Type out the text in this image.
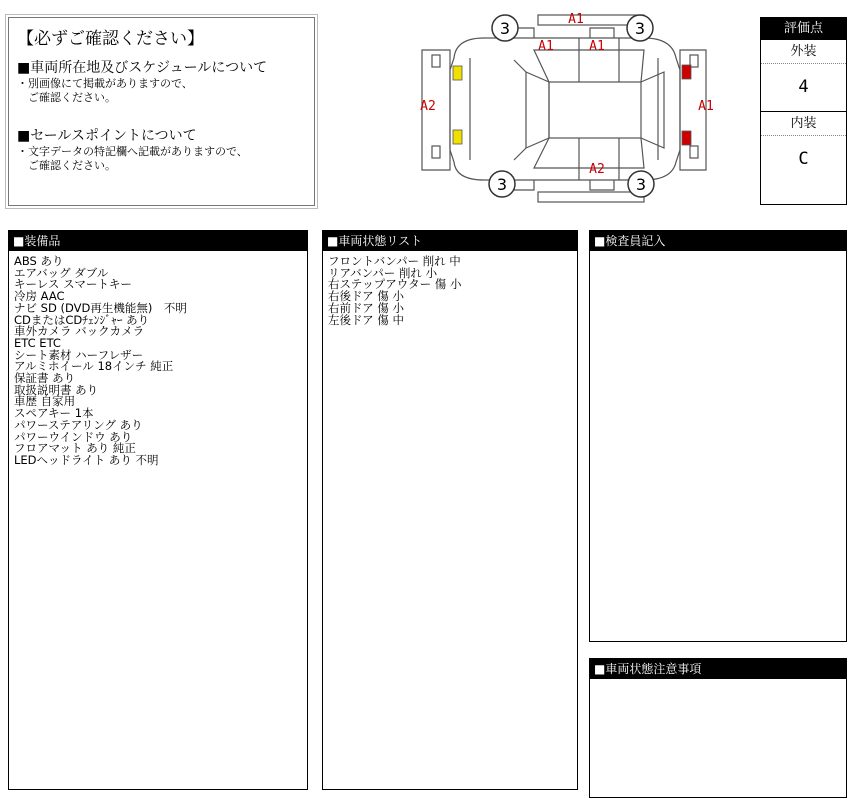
【必ずご確認ください】
■車両所在地及びスケジュールについて
・別画像にて掲載がありますので、
ご確認ください。
■セールスポイントについて
・文字データの特記欄へ記載がありますので、
ご確認ください。
3	3
3	3
A1
A1	A1
A2	A1
A2
評価点
外装
4
内装
C
■装備品
ABS あり
エアバッグ ダブル
キーレス スマートキー
冷房 AAC
ナビ SD (DVD再生機能無)　不明
CDまたはCDﾁｪﾝｼﾞｬｰ あり
車外カメラ バックカメラ
ETC ETC
シート素材 ハーフレザー
アルミホイール 18インチ 純正
保証書 あり
取扱説明書 あり
車歴 自家用
スペアキー 1本
パワーステアリング あり
パワーウインドウ あり
フロアマット あり 純正
LEDヘッドライト あり 不明
■車両状態リスト
フロントバンパー 削れ 中
リアバンパー 削れ 小
右ステップアウター 傷 小
右後ドア 傷 小
右前ドア 傷 小
左後ドア 傷 中
■検査員記入
■車両状態注意事項
